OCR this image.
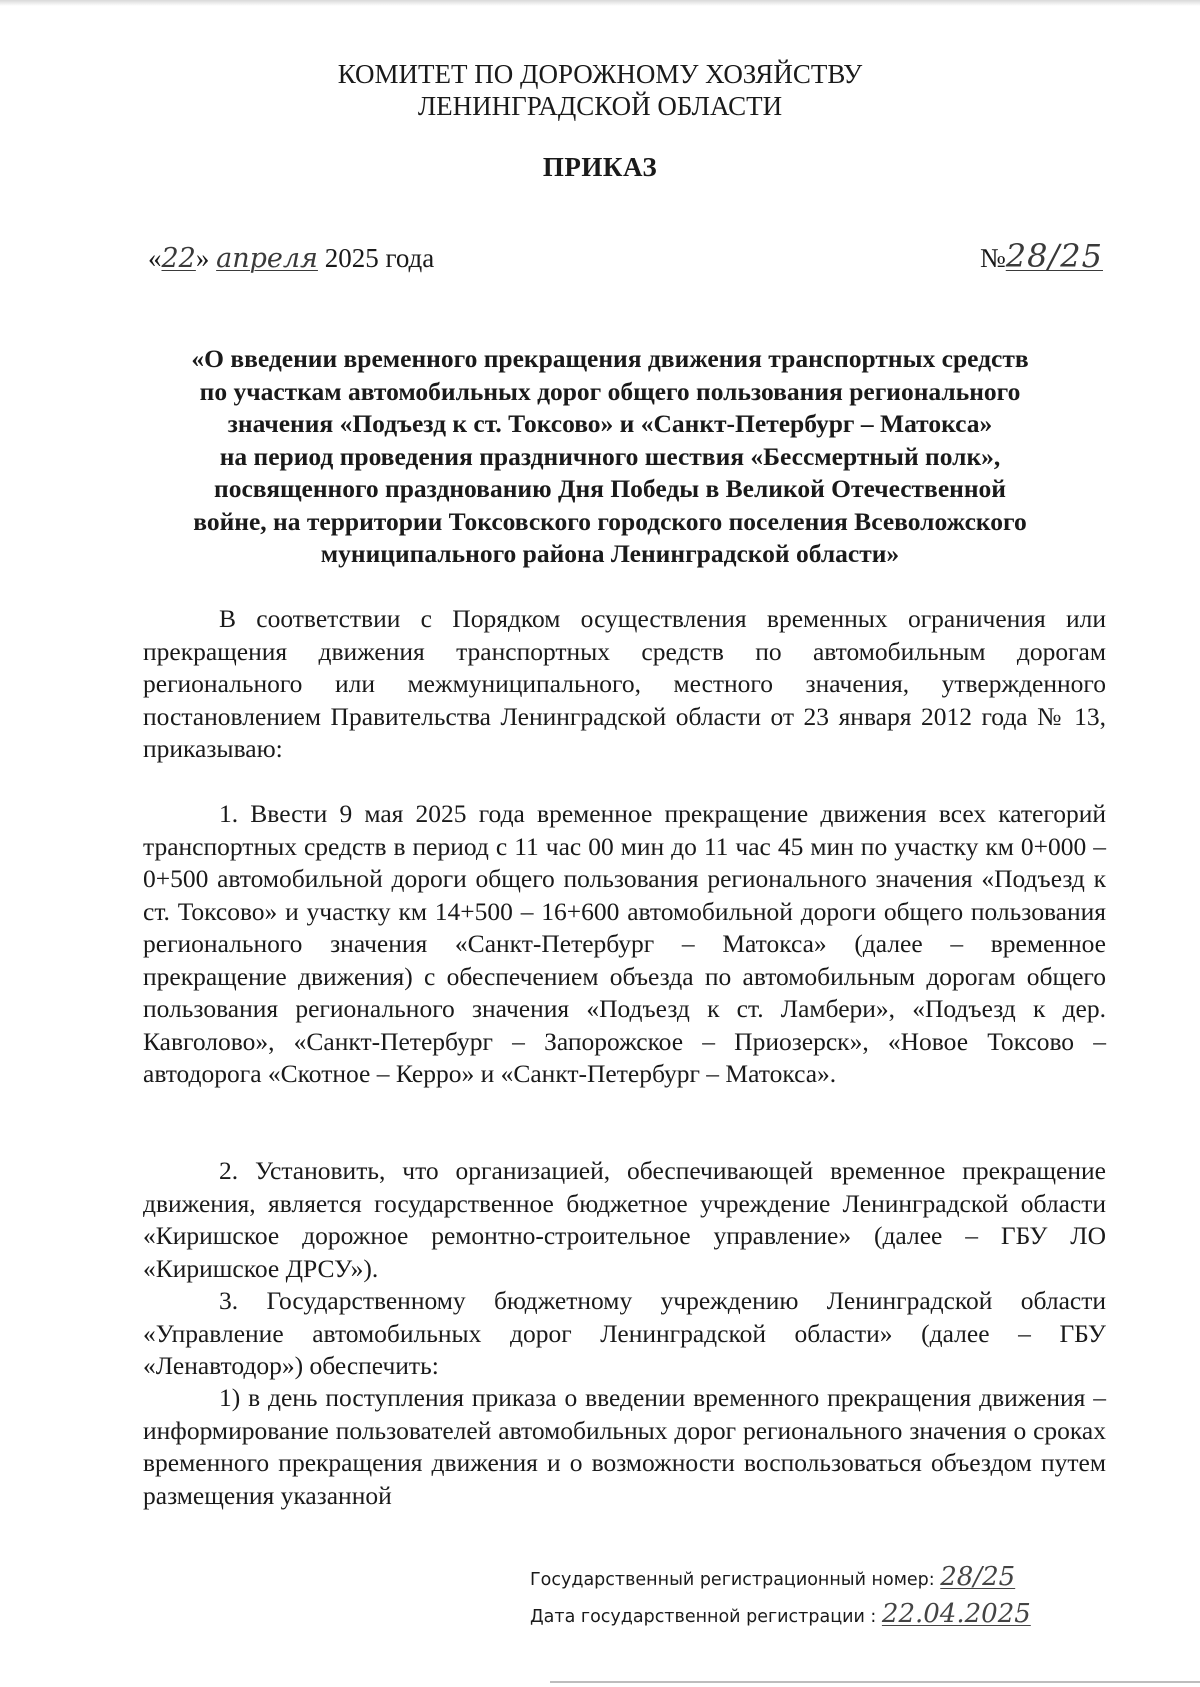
КОМИТЕТ ПО ДОРОЖНОМУ ХОЗЯЙСТВУ
ЛЕНИНГРАДСКОЙ ОБЛАСТИ
ПРИКАЗ
«22» апреля 2025 года	№28/25
«О введении временного прекращения движения транспортных средств
по участкам автомобильных дорог общего пользования регионального
значения «Подъезд к ст. Токсово» и «Санкт-Петербург – Матокса»
на период проведения праздничного шествия «Бессмертный полк»,
посвященного празднованию Дня Победы в Великой Отечественной
войне, на территории Токсовского городского поселения Всеволожского
муниципального района Ленинградской области»

В соответствии с Порядком осуществления временных ограничения или прекращения движения транспортных средств по автомобильным дорогам регионального или межмуниципального, местного значения, утвержденного постановлением Правительства Ленинградской области от 23 января 2012 года № 13, приказываю:

1. Ввести 9 мая 2025 года временное прекращение движения всех категорий транспортных средств в период с 11 час 00 мин до 11 час 45 мин по участку км 0+000 – 0+500 автомобильной дороги общего пользования регионального значения «Подъезд к ст. Токсово» и участку км 14+500 – 16+600 автомобильной дороги общего пользования регионального значения «Санкт-Петербург – Матокса» (далее – временное прекращение движения) с обеспечением объезда по автомобильным дорогам общего пользования регионального значения «Подъезд к ст. Ламбери», «Подъезд к дер. Кавголово», «Санкт-Петербург – Запорожское – Приозерск», «Новое Токсово – автодорога «Скотное – Керро» и «Санкт-Петербург – Матокса».

2. Установить, что организацией, обеспечивающей временное прекращение движения, является государственное бюджетное учреждение Ленинградской области «Киришское дорожное ремонтно-строительное управление» (далее – ГБУ ЛО «Киришское ДРСУ»).

3. Государственному бюджетному учреждению Ленинградской области «Управление автомобильных дорог Ленинградской области» (далее – ГБУ «Ленавтодор») обеспечить:

1) в день поступления приказа о введении временного прекращения движения – информирование пользователей автомобильных дорог регионального значения о сроках временного прекращения движения и о возможности воспользоваться объездом путем размещения указанной

Государственный регистрационный номер: 28/25
Дата государственной регистрации : 22.04.2025
